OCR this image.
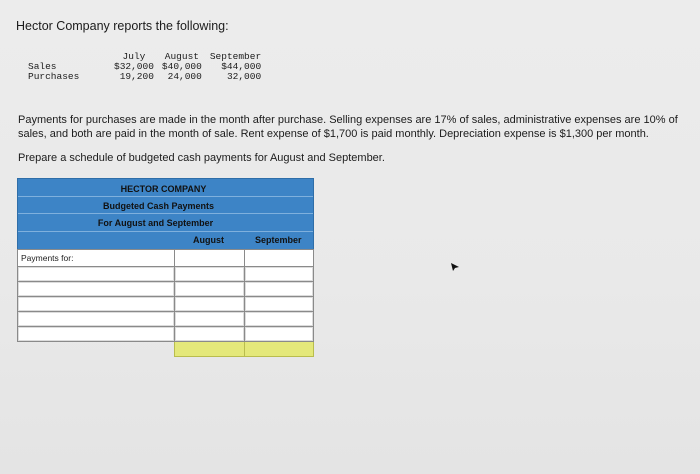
Hector Company reports the following:
	July	August	September
Sales	$32,000	$40,000	$44,000
Purchases	19,200	24,000	32,000

Payments for purchases are made in the month after purchase. Selling expenses are 17% of sales, administrative expenses are 10% of sales, and both are paid in the month of sale. Rent expense of $1,700 is paid monthly. Depreciation expense is $1,300 per month.

Prepare a schedule of budgeted cash payments for August and September.

HECTOR COMPANY
Budgeted Cash Payments
For August and September
August	September
Payments for:		
